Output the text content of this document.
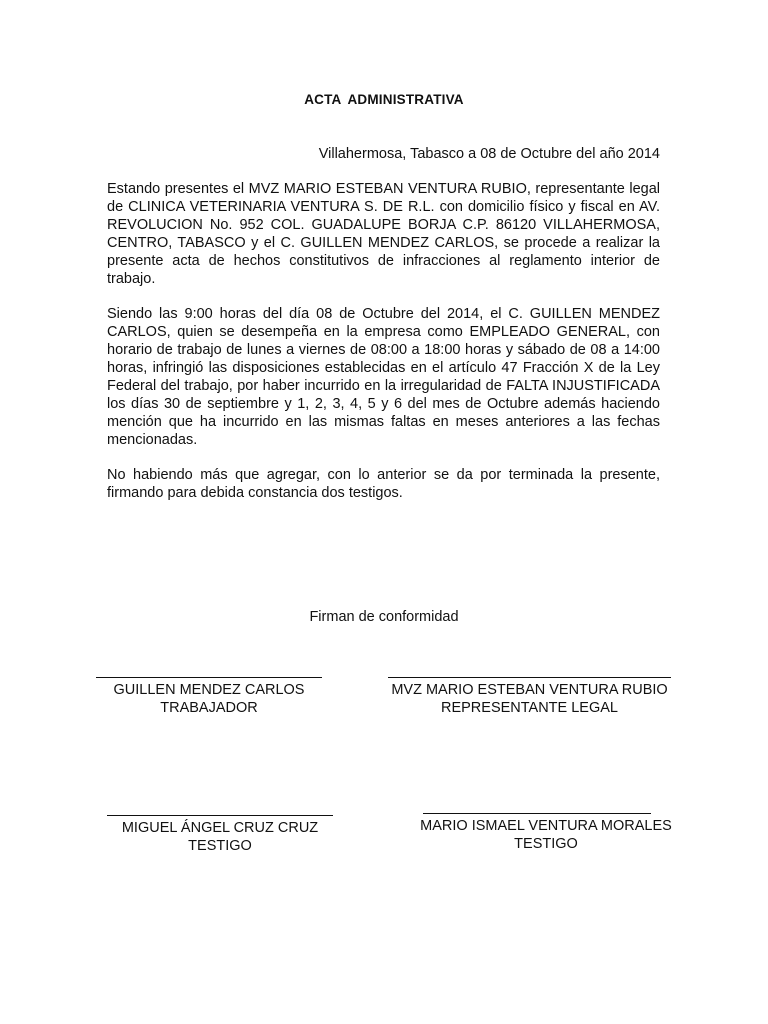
ACTA ADMINISTRATIVA
Villahermosa, Tabasco a 08 de Octubre del año 2014
Estando presentes el MVZ MARIO ESTEBAN VENTURA RUBIO, representante legal de CLINICA VETERINARIA VENTURA S. DE R.L. con domicilio físico y fiscal en AV. REVOLUCION No. 952 COL. GUADALUPE BORJA C.P. 86120 VILLAHERMOSA, CENTRO, TABASCO y el C. GUILLEN MENDEZ CARLOS, se procede a realizar la presente acta de hechos constitutivos de infracciones al reglamento interior de trabajo.
Siendo las 9:00 horas del día 08 de Octubre del 2014, el C. GUILLEN MENDEZ CARLOS, quien se desempeña en la empresa como EMPLEADO GENERAL, con horario de trabajo de lunes a viernes de 08:00 a 18:00 horas y sábado de 08 a 14:00 horas, infringió las disposiciones establecidas en el artículo 47 Fracción X de la Ley Federal del trabajo, por haber incurrido en la irregularidad de FALTA INJUSTIFICADA los días 30 de septiembre y 1, 2, 3, 4, 5 y 6 del mes de Octubre además haciendo mención que ha incurrido en las mismas faltas en meses anteriores a las fechas mencionadas.
No habiendo más que agregar, con lo anterior se da por terminada la presente, firmando para debida constancia dos testigos.
Firman de conformidad
GUILLEN MENDEZ CARLOS
TRABAJADOR
MVZ MARIO ESTEBAN VENTURA RUBIO
REPRESENTANTE LEGAL
MIGUEL ÁNGEL CRUZ CRUZ
TESTIGO
MARIO ISMAEL VENTURA MORALES
TESTIGO
